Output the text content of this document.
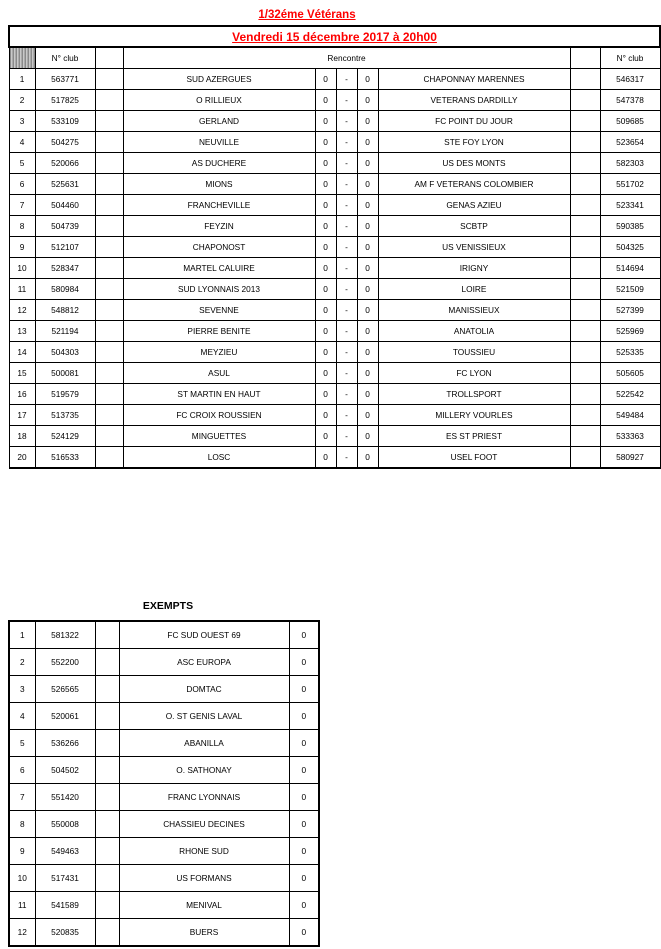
1/32éme Vétérans
Vendredi 15 décembre 2017 à 20h00									
	N° club		Rencontre						N° club
1	563771		SUD AZERGUES	0	-	0	CHAPONNAY MARENNES		546317
2	517825		O RILLIEUX	0	-	0	VETERANS DARDILLY		547378
3	533109		GERLAND	0	-	0	FC POINT DU JOUR		509685
4	504275		NEUVILLE	0	-	0	STE FOY LYON		523654
5	520066		AS DUCHERE	0	-	0	US DES MONTS		582303
6	525631		MIONS	0	-	0	AM F VETERANS COLOMBIER		551702
7	504460		FRANCHEVILLE	0	-	0	GENAS AZIEU		523341
8	504739		FEYZIN	0	-	0	SCBTP		590385
9	512107		CHAPONOST	0	-	0	US VENISSIEUX		504325
10	528347		MARTEL CALUIRE	0	-	0	IRIGNY		514694
11	580984		SUD LYONNAIS 2013	0	-	0	LOIRE		521509
12	548812		SEVENNE	0	-	0	MANISSIEUX		527399
13	521194		PIERRE BENITE	0	-	0	ANATOLIA		525969
14	504303		MEYZIEU	0	-	0	TOUSSIEU		525335
15	500081		ASUL	0	-	0	FC LYON		505605
16	519579		ST MARTIN EN HAUT	0	-	0	TROLLSPORT		522542
17	513735		FC CROIX ROUSSIEN	0	-	0	MILLERY VOURLES		549484
18	524129		MINGUETTES	0	-	0	ES ST PRIEST		533363
20	516533		LOSC	0	-	0	USEL FOOT		580927
EXEMPTS
1	581322		FC SUD OUEST 69	0
2	552200		ASC EUROPA	0
3	526565		DOMTAC	0
4	520061		O. ST GENIS LAVAL	0
5	536266		ABANILLA	0
6	504502		O. SATHONAY	0
7	551420		FRANC LYONNAIS	0
8	550008		CHASSIEU DECINES	0
9	549463		RHONE SUD	0
10	517431		US FORMANS	0
11	541589		MENIVAL	0
12	520835		BUERS	0
